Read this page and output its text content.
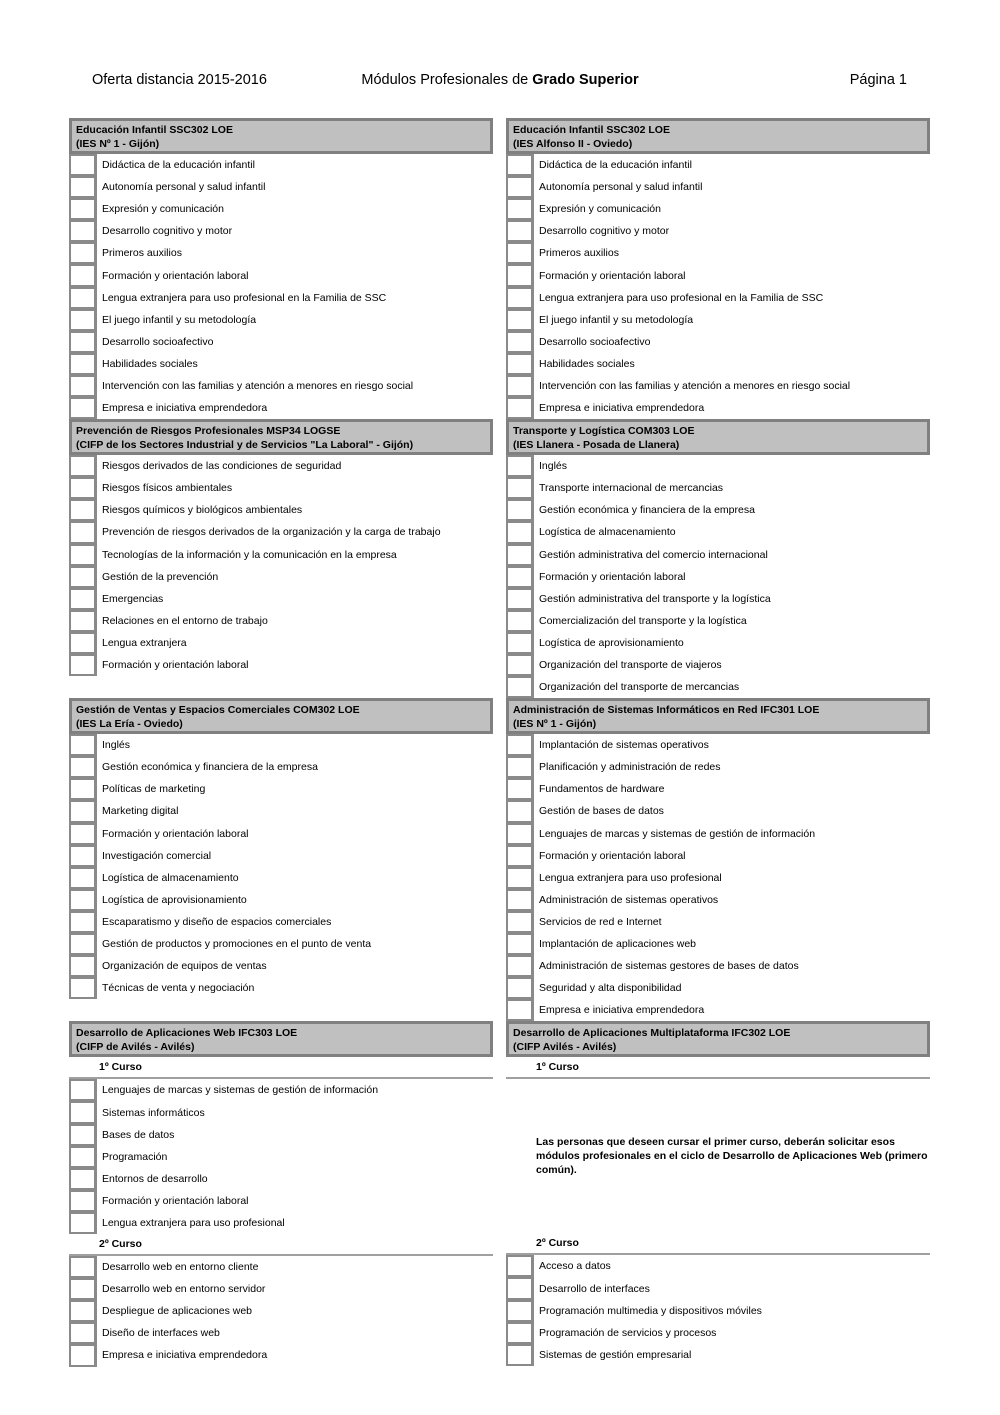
Oferta distancia 2015-2016	Módulos Profesionales de Grado Superior	Página 1
Educación Infantil SSC302 LOE
(IES Nº 1 - Gijón)
Didáctica de la educación infantil
Autonomía personal y salud infantil
Expresión y comunicación
Desarrollo cognitivo y motor
Primeros auxilios
Formación y orientación laboral
Lengua extranjera para uso profesional en la Familia de SSC
El juego infantil y su metodología
Desarrollo socioafectivo
Habilidades sociales
Intervención con las familias y atención a menores en riesgo social
Empresa e iniciativa emprendedora
Educación Infantil SSC302 LOE
(IES Alfonso II - Oviedo)
Didáctica de la educación infantil
Autonomía personal y salud infantil
Expresión y comunicación
Desarrollo cognitivo y motor
Primeros auxilios
Formación y orientación laboral
Lengua extranjera para uso profesional en la Familia de SSC
El juego infantil y su metodología
Desarrollo socioafectivo
Habilidades sociales
Intervención con las familias y atención a menores en riesgo social
Empresa e iniciativa emprendedora
Prevención de Riesgos Profesionales MSP34 LOGSE
(CIFP de los Sectores Industrial y de Servicios "La Laboral" - Gijón)
Riesgos derivados de las condiciones de seguridad
Riesgos físicos ambientales
Riesgos químicos y biológicos ambientales
Prevención de riesgos derivados de la organización y la carga de trabajo
Tecnologías de la información y la comunicación en la empresa
Gestión de la prevención
Emergencias
Relaciones en el entorno de trabajo
Lengua extranjera
Formación y orientación laboral
Transporte y Logística COM303 LOE
(IES Llanera - Posada de Llanera)
Inglés
Transporte internacional de mercancias
Gestión económica y financiera de la empresa
Logística de almacenamiento
Gestión administrativa del comercio internacional
Formación y orientación laboral
Gestión administrativa del transporte y la logística
Comercialización del transporte y la logística
Logística de aprovisionamiento
Organización del transporte de viajeros
Organización del transporte de mercancias
Gestión de Ventas y Espacios Comerciales COM302 LOE
(IES La Ería - Oviedo)
Inglés
Gestión económica y financiera de la empresa
Políticas de marketing
Marketing digital
Formación y orientación laboral
Investigación comercial
Logística de almacenamiento
Logística de aprovisionamiento
Escaparatismo y diseño de espacios comerciales
Gestión de productos y promociones en el punto de venta
Organización de equipos de ventas
Técnicas de venta y negociación
Administración de Sistemas Informáticos en Red IFC301 LOE
(IES Nº 1 - Gijón)
Implantación de sistemas operativos
Planificación y administración de redes
Fundamentos de hardware
Gestión de bases de datos
Lenguajes de marcas y sistemas de gestión de información
Formación y orientación laboral
Lengua extranjera para uso profesional
Administración de sistemas operativos
Servicios de red e Internet
Implantación de aplicaciones web
Administración de sistemas gestores de bases de datos
Seguridad y alta disponibilidad
Empresa e iniciativa emprendedora
Desarrollo de Aplicaciones Web IFC303 LOE
(CIFP de Avilés - Avilés)
1º Curso
Lenguajes de marcas y sistemas de gestión de información
Sistemas informáticos
Bases de datos
Programación
Entornos de desarrollo
Formación y orientación laboral
Lengua extranjera para uso profesional
2º Curso
Desarrollo web en entorno cliente
Desarrollo web en entorno servidor
Despliegue de aplicaciones web
Diseño de interfaces web
Empresa e iniciativa emprendedora
Desarrollo de Aplicaciones Multiplataforma IFC302 LOE
(CIFP Avilés - Avilés)
1º Curso
Las personas que deseen cursar el primer curso, deberán solicitar esos módulos profesionales en el ciclo de Desarrollo de Aplicaciones Web (primero común).
2º Curso
Acceso a datos
Desarrollo de interfaces
Programación multimedia y dispositivos móviles
Programación de servicios y procesos
Sistemas de gestión empresarial
